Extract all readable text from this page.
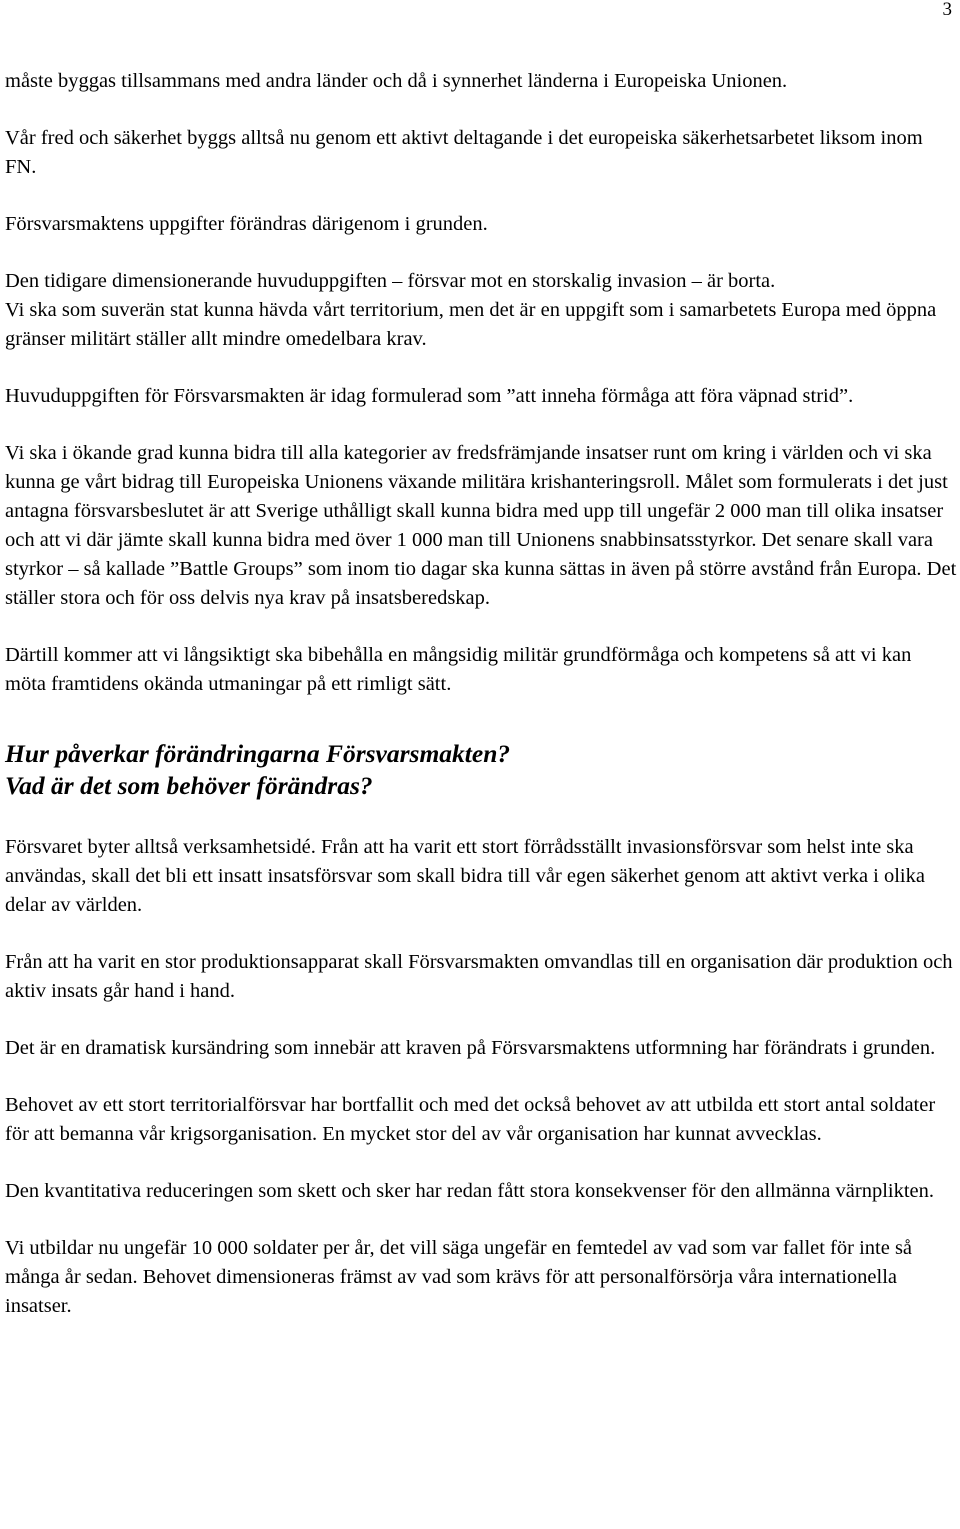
3

måste byggas tillsammans med andra länder och då i synnerhet länderna i Europeiska Unionen.

Vår fred och säkerhet byggs alltså nu genom ett aktivt deltagande i det europeiska säkerhetsarbetet liksom inom FN.

Försvarsmaktens uppgifter förändras därigenom i grunden.

Den tidigare dimensionerande huvuduppgiften – försvar mot en storskalig invasion – är borta.

Vi ska som suverän stat kunna hävda vårt territorium, men det är en uppgift som i samarbetets Europa med öppna gränser militärt ställer allt mindre omedelbara krav.

Huvuduppgiften för Försvarsmakten är idag formulerad som ”att inneha förmåga att föra väpnad strid”.

Vi ska i ökande grad kunna bidra till alla kategorier av fredsfrämjande insatser runt om kring i världen och vi ska kunna ge vårt bidrag till Europeiska Unionens växande militära krishanteringsroll. Målet som formulerats i det just antagna försvarsbeslutet är att Sverige uthålligt skall kunna bidra med upp till ungefär 2 000 man till olika insatser och att vi där jämte skall kunna bidra med över 1 000 man till Unionens snabbinsatsstyrkor. Det senare skall vara styrkor – så kallade ”Battle Groups” som inom tio dagar ska kunna sättas in även på större avstånd från Europa. Det ställer stora och för oss delvis nya krav på insatsberedskap.

Därtill kommer att vi långsiktigt ska bibehålla en mångsidig militär grundförmåga och kompetens så att vi kan möta framtidens okända utmaningar på ett rimligt sätt.

Hur påverkar förändringarna Försvarsmakten?
Vad är det som behöver förändras?

Försvaret byter alltså verksamhetsidé. Från att ha varit ett stort förrådsställt invasionsförsvar som helst inte ska användas, skall det bli ett insatt insatsförsvar som skall bidra till vår egen säkerhet genom att aktivt verka i olika delar av världen.

Från att ha varit en stor produktionsapparat skall Försvarsmakten omvandlas till en organisation där produktion och aktiv insats går hand i hand.

Det är en dramatisk kursändring som innebär att kraven på Försvarsmaktens utformning har förändrats i grunden.

Behovet av ett stort territorialförsvar har bortfallit och med det också behovet av att utbilda ett stort antal soldater för att bemanna vår krigsorganisation. En mycket stor del av vår organisation har kunnat avvecklas.

Den kvantitativa reduceringen som skett och sker har redan fått stora konsekvenser för den allmänna värnplikten.

Vi utbildar nu ungefär 10 000 soldater per år, det vill säga ungefär en femtedel av vad som var fallet för inte så många år sedan. Behovet dimensioneras främst av vad som krävs för att personalförsörja våra internationella insatser.
